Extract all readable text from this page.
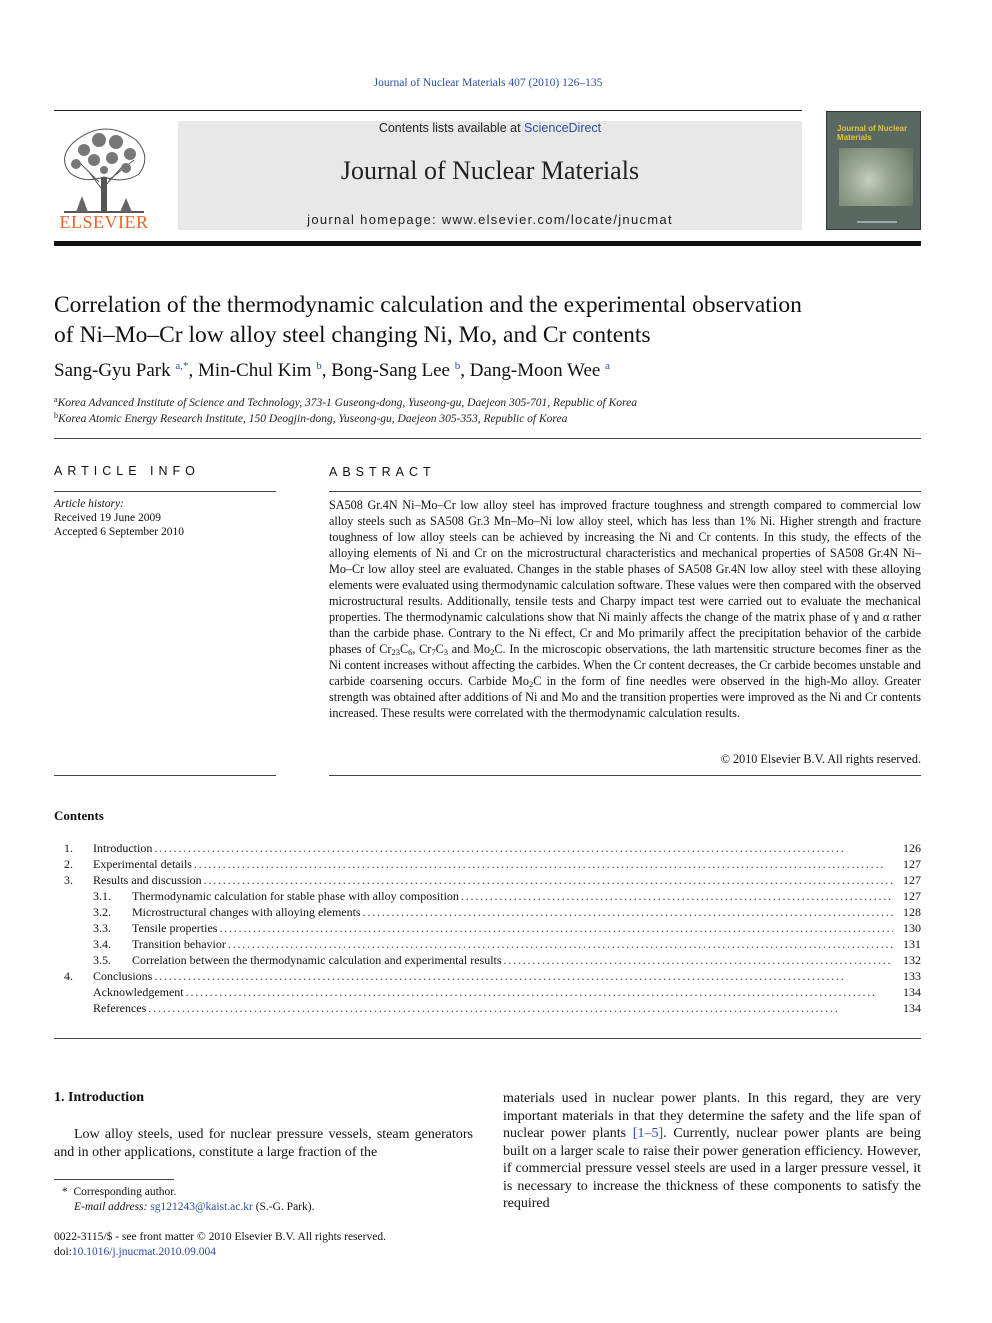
Journal of Nuclear Materials 407 (2010) 126–135
ELSEVIER
Contents lists available at ScienceDirect
Journal of Nuclear Materials
journal homepage: www.elsevier.com/locate/jnucmat
Journal of Nuclear Materials
Correlation of the thermodynamic calculation and the experimental observation
of Ni–Mo–Cr low alloy steel changing Ni, Mo, and Cr contents
Sang-Gyu Park $^{a,*}$, Min-Chul Kim $^b$, Bong-Sang Lee $^b$, Dang-Moon Wee $^a$
$^a$Korea Advanced Institute of Science and Technology, 373-1 Guseong-dong, Yuseong-gu, Daejeon 305-701, Republic of Korea
$^b$Korea Atomic Energy Research Institute, 150 Deogjin-dong, Yuseong-gu, Daejeon 305-353, Republic of Korea
ARTICLE INFO
Article history:
Received 19 June 2009
Accepted 6 September 2010
ABSTRACT
SA508 Gr.4N Ni–Mo–Cr low alloy steel has improved fracture toughness and strength compared to commercial low alloy steels such as SA508 Gr.3 Mn–Mo–Ni low alloy steel, which has less than 1% Ni. Higher strength and fracture toughness of low alloy steels can be achieved by increasing the Ni and Cr contents. In this study, the effects of the alloying elements of Ni and Cr on the microstructural characteristics and mechanical properties of SA508 Gr.4N Ni–Mo–Cr low alloy steel are evaluated. Changes in the stable phases of SA508 Gr.4N low alloy steel with these alloying elements were evaluated using thermodynamic calculation software. These values were then compared with the observed microstructural results. Additionally, tensile tests and Charpy impact test were carried out to evaluate the mechanical properties. The thermodynamic calculations show that Ni mainly affects the change of the matrix phase of γ and α rather than the carbide phase. Contrary to the Ni effect, Cr and Mo primarily affect the precipitation behavior of the carbide phases of $Cr_{23}C_6$, $Cr_7C_3$ and $Mo_2C$. In the microscopic observations, the lath martensitic structure becomes finer as the Ni content increases without affecting the carbides. When the Cr content decreases, the Cr carbide becomes unstable and carbide coarsening occurs. Carbide $Mo_2C$ in the form of fine needles were observed in the high-Mo alloy. Greater strength was obtained after additions of Ni and Mo and the transition properties were improved as the Ni and Cr contents increased. These results were correlated with the thermodynamic calculation results.
© 2010 Elsevier B.V. All rights reserved.
Contents
1. Introduction . . .	126
2. Experimental details . . .	127
3. Results and discussion . . .	127
3.1. Thermodynamic calculation for stable phase with alloy composition . . .	127
3.2. Microstructural changes with alloying elements . . .	128
3.3. Tensile properties . . .	130
3.4. Transition behavior . . .	131
3.5. Correlation between the thermodynamic calculation and experimental results . . .	132
4. Conclusions . . .	133
Acknowledgement . . .	134
References . . .	134
1. Introduction
Low alloy steels, used for nuclear pressure vessels, steam generators and in other applications, constitute a large fraction of the
materials used in nuclear power plants. In this regard, they are very important materials in that they determine the safety and the life span of nuclear power plants [1–5]. Currently, nuclear power plants are being built on a larger scale to raise their power generation efficiency. However, if commercial pressure vessel steels are used in a larger pressure vessel, it is necessary to increase the thickness of these components to satisfy the required
* Corresponding author.
E-mail address: sg121243@kaist.ac.kr (S.-G. Park).
0022-3115/$ - see front matter © 2010 Elsevier B.V. All rights reserved.
doi:10.1016/j.jnucmat.2010.09.004
